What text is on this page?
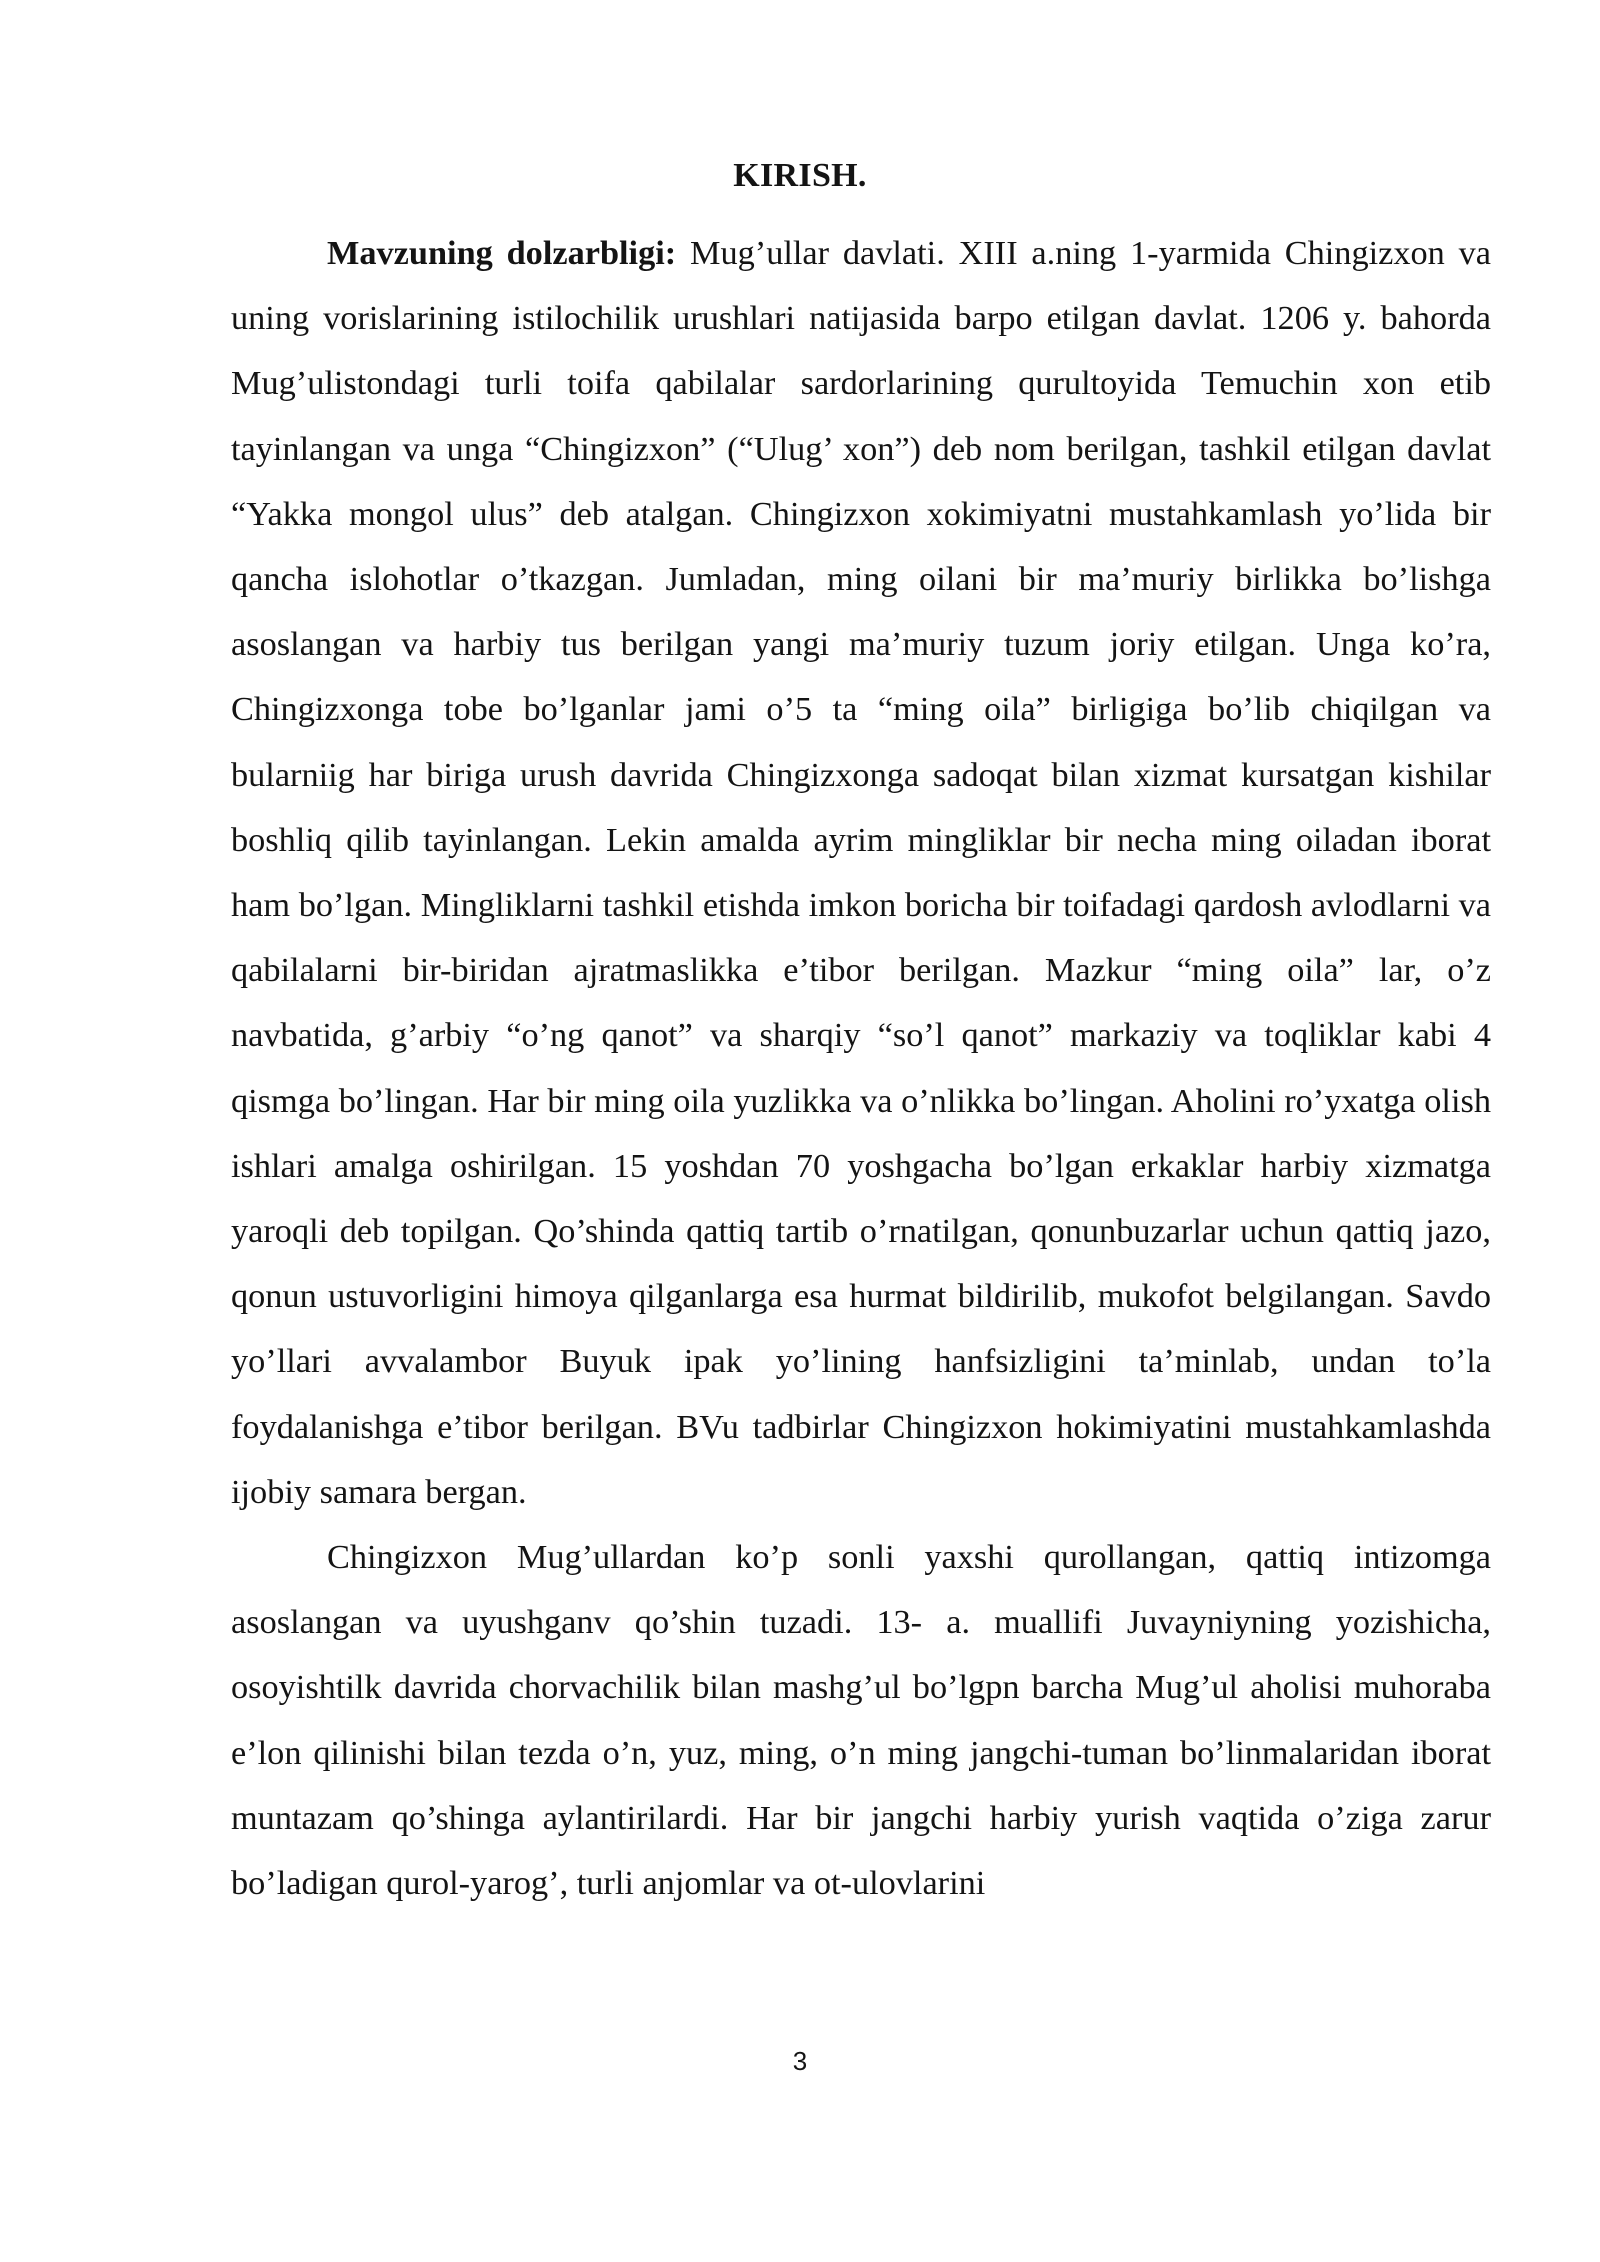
KIRISH.

Mavzuning dolzarbligi: Mug’ullar davlati. XIII a.ning 1-yarmida Chingizxon va uning vorislarining istilochilik urushlari natijasida barpo etilgan davlat. 1206 y. bahorda Mug’ulistondagi turli toifa qabilalar sardorlarining qurultoyida Temuchin xon etib tayinlangan va unga “Chingizxon” (“Ulug’ xon”) deb nom berilgan, tashkil etilgan davlat “Yakka mongol ulus” deb atalgan. Chingizxon xokimiyatni mustahkamlash yo’lida bir qancha islohotlar o’tkazgan. Jumladan, ming oilani bir ma’muriy birlikka bo’lishga asoslangan va harbiy tus berilgan yangi ma’muriy tuzum joriy etilgan. Unga ko’ra, Chingizxonga tobe bo’lganlar jami o’5 ta “ming oila” birligiga bo’lib chiqilgan va bularniig har biriga urush davrida Chingizxonga sadoqat bilan xizmat kursatgan kishilar boshliq qilib tayinlangan. Lekin amalda ayrim mingliklar bir necha ming oiladan iborat ham bo’lgan. Mingliklarni tashkil etishda imkon boricha bir toifadagi qardosh avlodlarni va qabilalarni bir-biridan ajratmaslikka e’tibor berilgan. Mazkur “ming oila” lar, o’z navbatida, g’arbiy “o’ng qanot” va sharqiy “so’l qanot” markaziy va toqliklar kabi 4 qismga bo’lingan. Har bir ming oila yuzlikka va o’nlikka bo’lingan. Aholini ro’yxatga olish ishlari amalga oshirilgan. 15 yoshdan 70 yoshgacha bo’lgan erkaklar harbiy xizmatga yaroqli deb topilgan. Qo’shinda qattiq tartib o’rnatilgan, qonunbuzarlar uchun qattiq jazo, qonun ustuvorligini himoya qilganlarga esa hurmat bildirilib, mukofot belgilangan. Savdo yo’llari avvalambor Buyuk ipak yo’lining hanfsizligini ta’minlab, undan to’la foydalanishga e’tibor berilgan. BVu tadbirlar Chingizxon hokimiyatini mustahkamlashda ijobiy samara bergan.

Chingizxon Mug’ullardan ko’p sonli yaxshi qurollangan, qattiq intizomga asoslangan va uyushganv qo’shin tuzadi. 13- a. muallifi Juvayniyning yozishicha, osoyishtilk davrida chorvachilik bilan mashg’ul bo’lgpn barcha Mug’ul aholisi muhoraba e’lon qilinishi bilan tezda o’n, yuz, ming, o’n ming jangchi-tuman bo’linmalaridan iborat muntazam qo’shinga aylantirilardi. Har bir jangchi harbiy yurish vaqtida o’ziga zarur bo’ladigan qurol-yarog’, turli anjomlar va ot-ulovlarini

3
